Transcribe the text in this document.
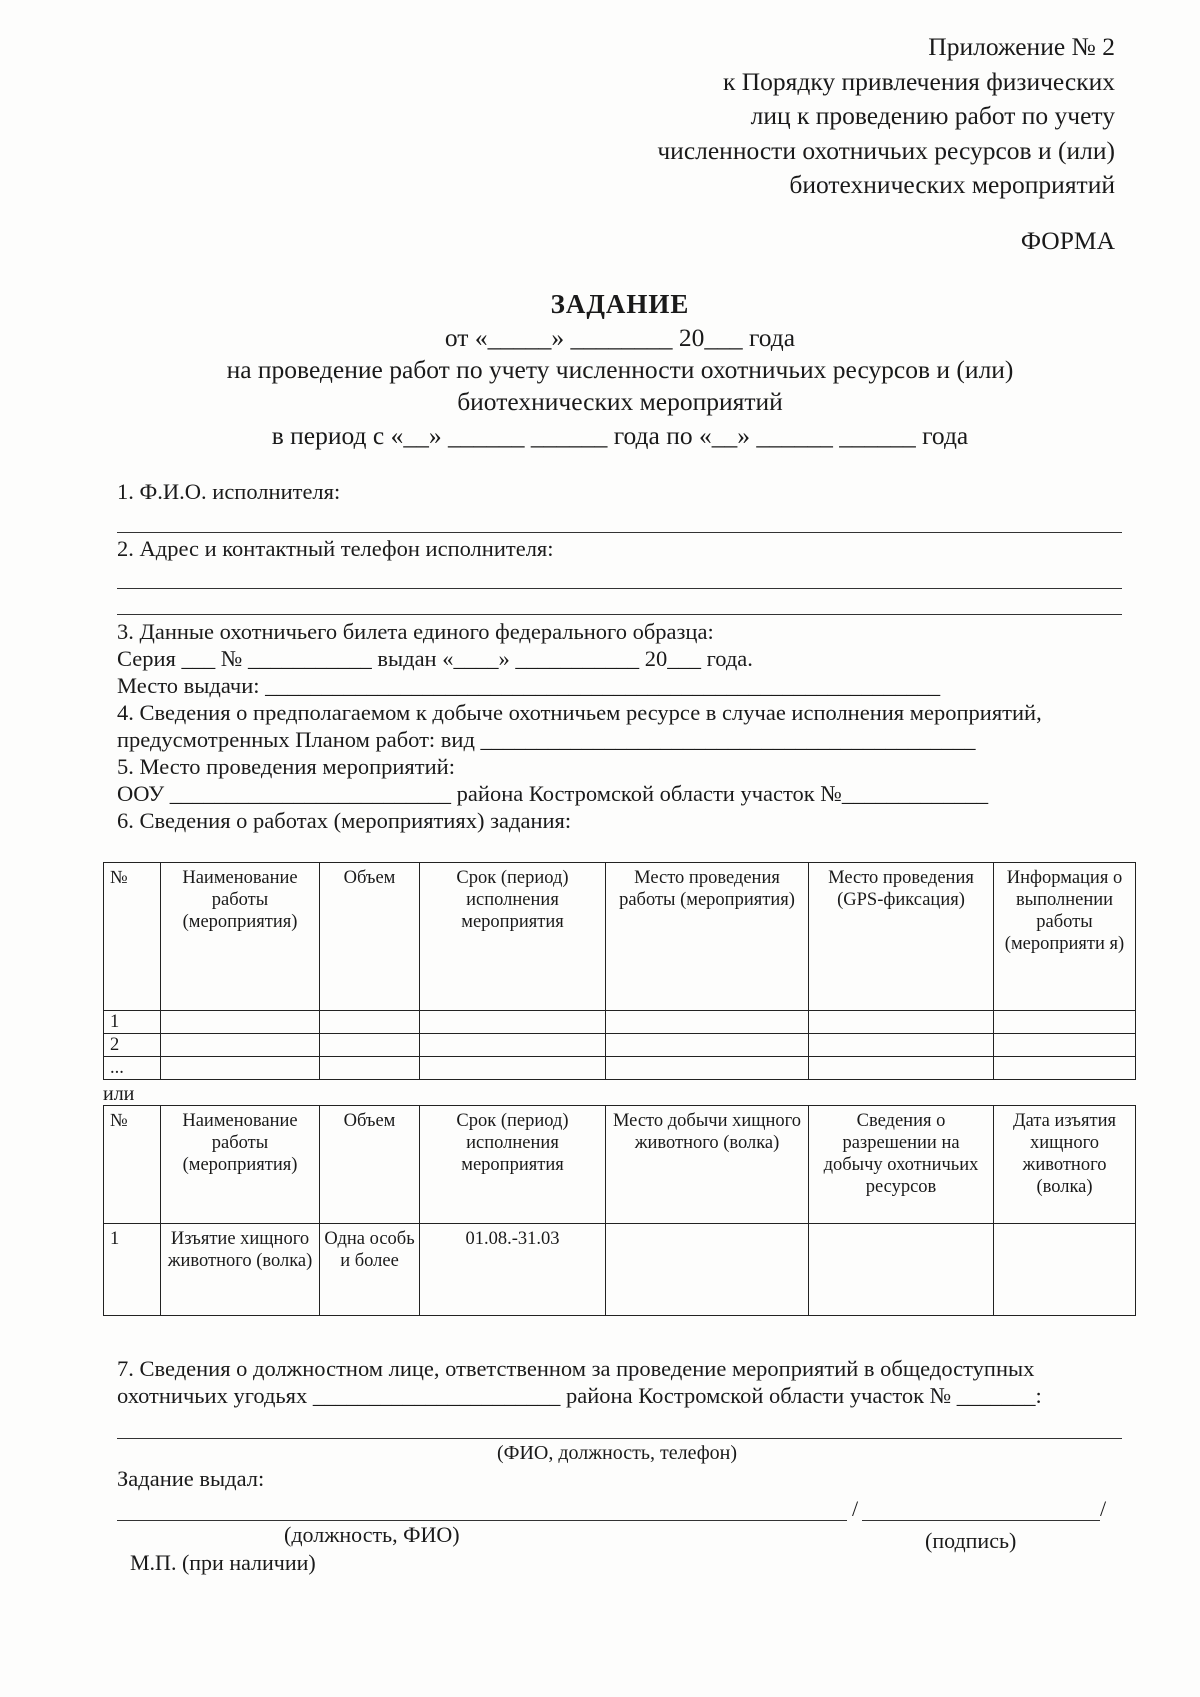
Приложение № 2
к Порядку привлечения физических
лиц к проведению работ по учету
численности охотничьих ресурсов и (или)
биотехнических мероприятий
ФОРМА
ЗАДАНИЕ
от «_____» ________ 20___ года
на проведение работ по учету численности охотничьих ресурсов и (или)
биотехнических мероприятий
в период с «__» ______ ______ года по «__» ______ ______ года
1. Ф.И.О. исполнителя:
2. Адрес и контактный телефон исполнителя:
3. Данные охотничьего билета единого федерального образца:
Серия ___ № ___________ выдан «____» ___________ 20___ года.
Место выдачи: ____________________________________________________________
4. Сведения о предполагаемом к добыче охотничьем ресурсе в случае исполнения мероприятий,
предусмотренных Планом работ: вид ____________________________________________
5. Место проведения мероприятий:
ООУ _________________________ района Костромской области участок №_____________
6. Сведения о работах (мероприятиях) задания:
№	Наименование работы (мероприятия)	Объем	Срок (период) исполнения мероприятия	Место проведения работы (мероприятия)	Место проведения (GPS-фиксация)	Информация о выполнении работы (мероприяти я)
1						
2						
...						
или
№	Наименование работы (мероприятия)	Объем	Срок (период) исполнения мероприятия	Место добычи хищного животного (волка)	Сведения о разрешении на добычу охотничьих ресурсов	Дата изъятия хищного животного (волка)
1	Изъятие хищного животного (волка)	Одна особь и более	01.08.-31.03			
7. Сведения о должностном лице, ответственном за проведение мероприятий в общедоступных
охотничьих угодьях ______________________ района Костромской области участок № _______:
(ФИО, должность, телефон)
Задание выдал:
/	/
(должность, ФИО)	(подпись)
М.П. (при наличии)
